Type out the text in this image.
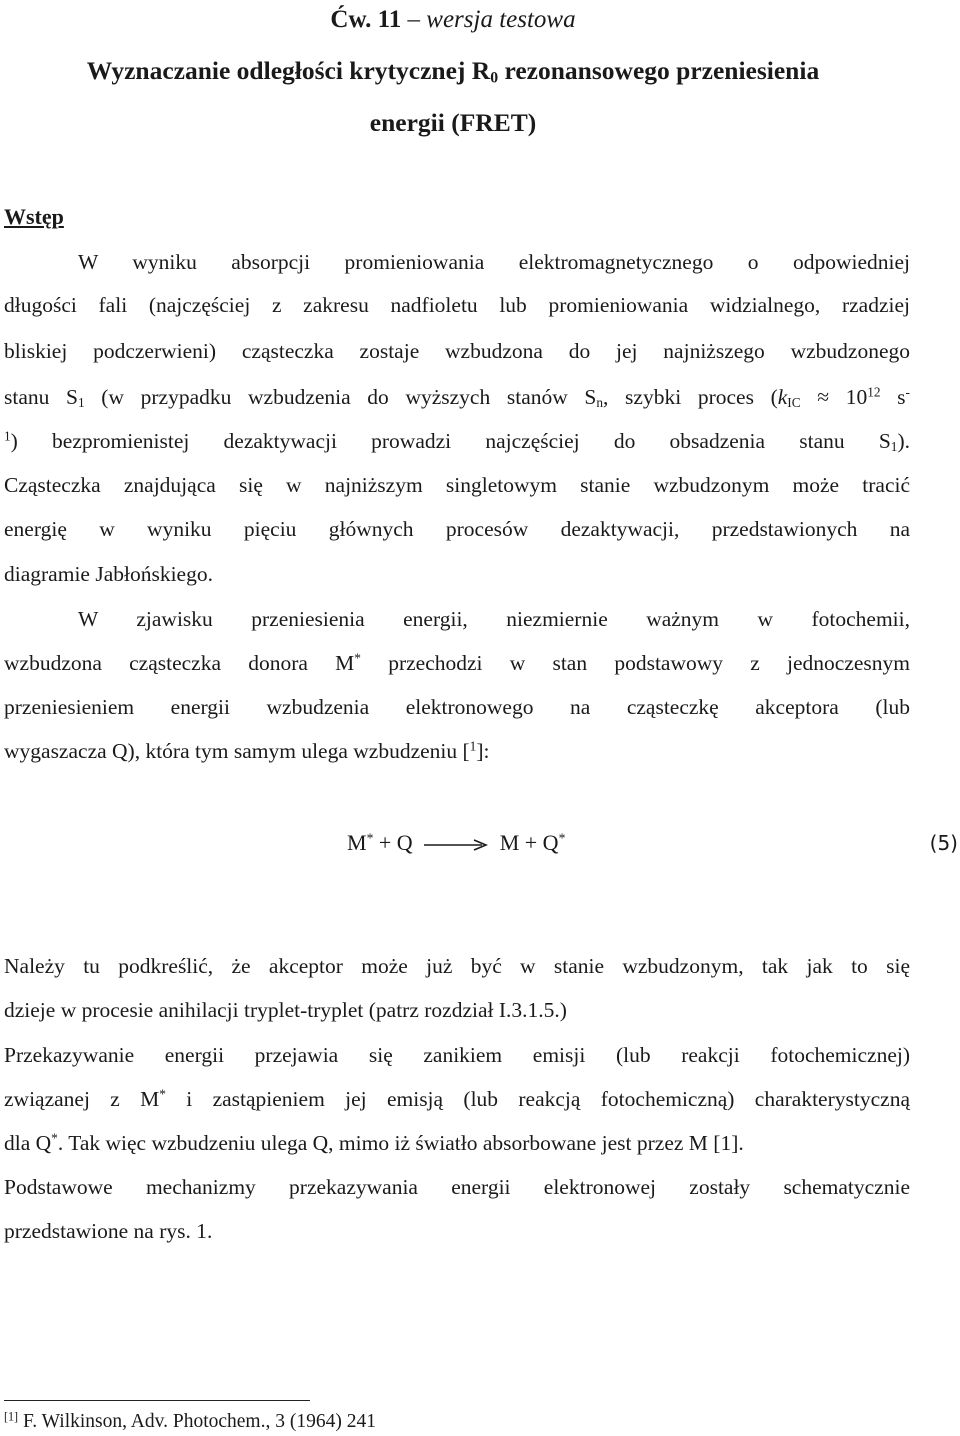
Ćw. 11 – wersja testowa
Wyznaczanie odległości krytycznej $R_0$ rezonansowego przeniesienia
energii (FRET)
Wstęp
W wyniku absorpcji promieniowania elektromagnetycznego o odpowiedniej
długości fali (najczęściej z zakresu nadfioletu lub promieniowania widzialnego, rzadziej
bliskiej podczerwieni) cząsteczka zostaje wzbudzona do jej najniższego wzbudzonego
stanu $S_1$ (w przypadku wzbudzenia do wyższych stanów $S_n$, szybki proces ($k_{IC} \approx 10^{12}$ s-
$^1$) bezpromienistej dezaktywacji prowadzi najczęściej do obsadzenia stanu $S_1$).
Cząsteczka znajdująca się w najniższym singletowym stanie wzbudzonym może tracić
energię w wyniku pięciu głównych procesów dezaktywacji, przedstawionych na
diagramie Jabłońskiego.
W zjawisku przeniesienia energii, niezmiernie ważnym w fotochemii,
wzbudzona cząsteczka donora M* przechodzi w stan podstawowy z jednoczesnym
przeniesieniem energii wzbudzenia elektronowego na cząsteczkę akceptora (lub
wygaszacza Q), która tym samym ulega wzbudzeniu [$^1$]:
M* + Q → M + Q*	(5)
Należy tu podkreślić, że akceptor może już być w stanie wzbudzonym, tak jak to się
dzieje w procesie anihilacji tryplet-tryplet (patrz rozdział I.3.1.5.)
Przekazywanie energii przejawia się zanikiem emisji (lub reakcji fotochemicznej)
związanej z M* i zastąpieniem jej emisją (lub reakcją fotochemiczną) charakterystyczną
dla Q*. Tak więc wzbudzeniu ulega Q, mimo iż światło absorbowane jest przez M [1].
Podstawowe mechanizmy przekazywania energii elektronowej zostały schematycznie
przedstawione na rys. 1.
[1] F. Wilkinson, Adv. Photochem., 3 (1964) 241
